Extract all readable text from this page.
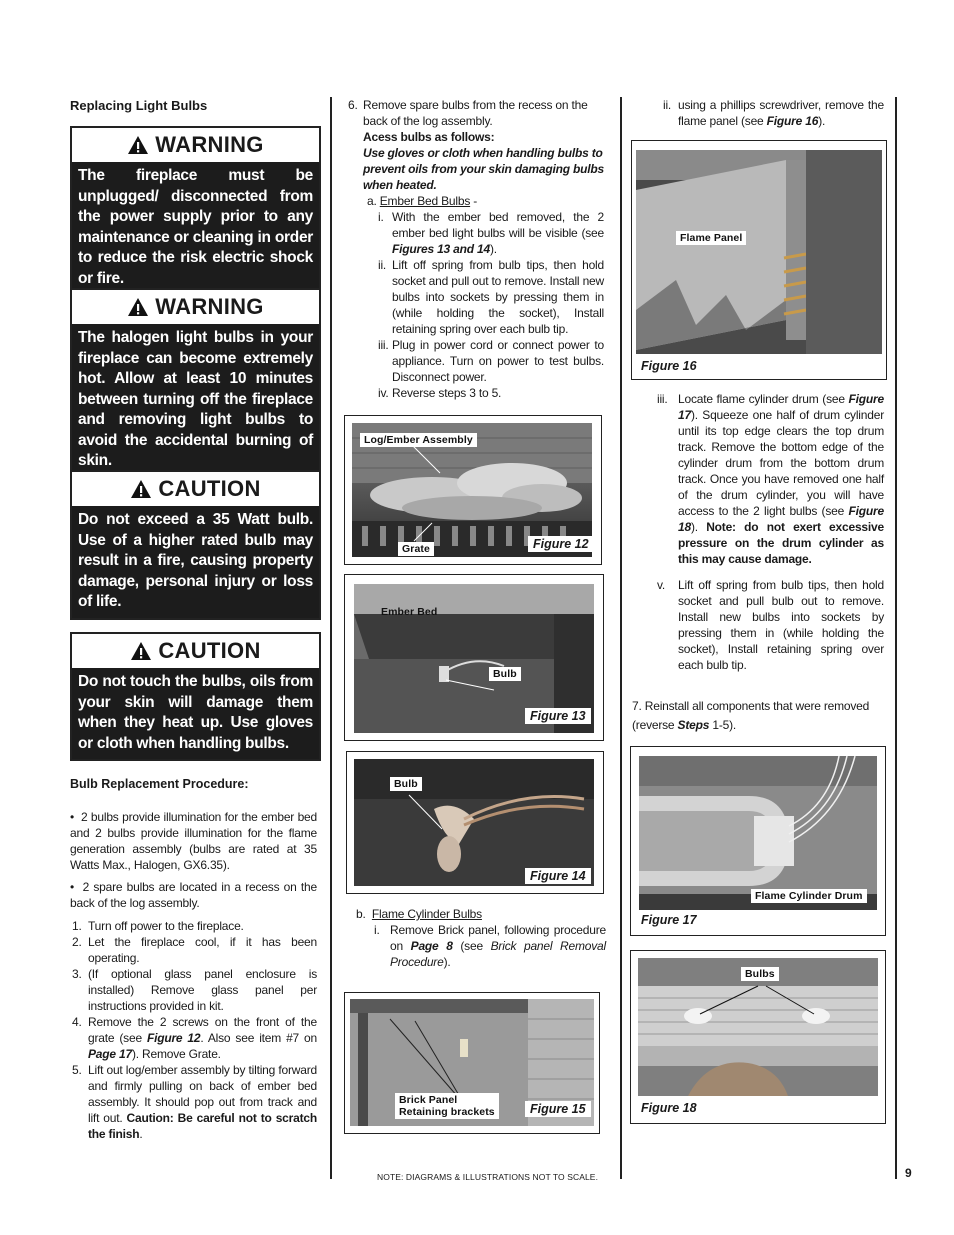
Replacing Light Bulbs
WARNING
The fireplace must be unplugged/ disconnected from the power supply prior to any maintenance or cleaning in order to reduce the risk electric shock or fire.
WARNING
The halogen light bulbs in your fireplace can become extremely hot. Allow at least 10 minutes between turning off the fireplace and removing light bulbs to avoid the accidental burning of skin.
CAUTION
Do not exceed a 35 Watt bulb. Use of a higher rated bulb may result in a fire, causing property damage, personal injury or loss of life.
CAUTION
Do not touch the bulbs, oils from your skin will damage them when they heat up. Use gloves or cloth when handling bulbs.
Bulb Replacement Procedure:
•  2 bulbs provide illumination for the ember bed and 2 bulbs provide illumination for the flame generation assembly (bulbs are rated at 35 Watts Max., Halogen, GX6.35).
•  2 spare bulbs are located in a recess on the back of the log assembly.
1. Turn off power to the fireplace.
2. Let the fireplace cool, if it has been operating.
3. (If optional glass panel enclosure is installed) Remove glass panel per instructions provided in kit.
4. Remove the 2 screws on the front of the grate (see Figure 12. Also see item #7 on Page 17). Remove Grate.
5. Lift out log/ember assembly by tilting forward and firmly pulling on back of ember bed assembly. It should pop out from track and lift out. Caution: Be careful not to scratch the finish.
6. Remove spare bulbs from the recess on the back of the log assembly.
Acess bulbs as follows:
Use gloves or cloth when handling bulbs to prevent oils from your skin damaging bulbs when heated.
a. Ember Bed Bulbs -
i. With the ember bed removed, the 2 ember bed light bulbs will be visible (see Figures 13 and 14).
ii. Lift off spring from bulb tips, then hold socket and pull out to remove. Install new bulbs into sockets by pressing them in (while holding the socket), Install retaining spring over each bulb tip.
iii. Plug in power cord or connect power to appliance. Turn on power to test bulbs. Disconnect power.
iv. Reverse steps 3 to 5.
Log/Ember Assembly
Grate	Figure 12
Ember Bed
Bulb
Figure 13
Bulb
Figure 14
b.  Flame Cylinder Bulbs
i. Remove Brick panel, following procedure on Page 8 (see Brick panel Removal Procedure).
Brick Panel
Retaining brackets	Figure 15
NOTE: DIAGRAMS & ILLUSTRATIONS NOT TO SCALE.
ii. using a phillips screwdriver, remove the flame panel (see Figure 16).
Flame Panel
Figure 16
iii. Locate flame cylinder drum (see Figure 17). Squeeze one half of drum cylinder until its top edge clears the top drum track. Remove the bottom edge of the cylinder drum from the bottom drum track. Once you have removed one half of the drum cylinder, you will have access to the 2 light bulbs (see Figure 18). Note: do not exert excessive pressure on the drum cylinder as this may cause damage.
v.	Lift off spring from bulb tips, then hold socket and pull bulb out to remove. Install new bulbs into sockets by pressing them in (while holding the socket), Install retaining spring over each bulb tip.
7. Reinstall all components that were removed (reverse Steps 1-5).
Flame Cylinder Drum
Figure 17
Bulbs
Figure 18
9
